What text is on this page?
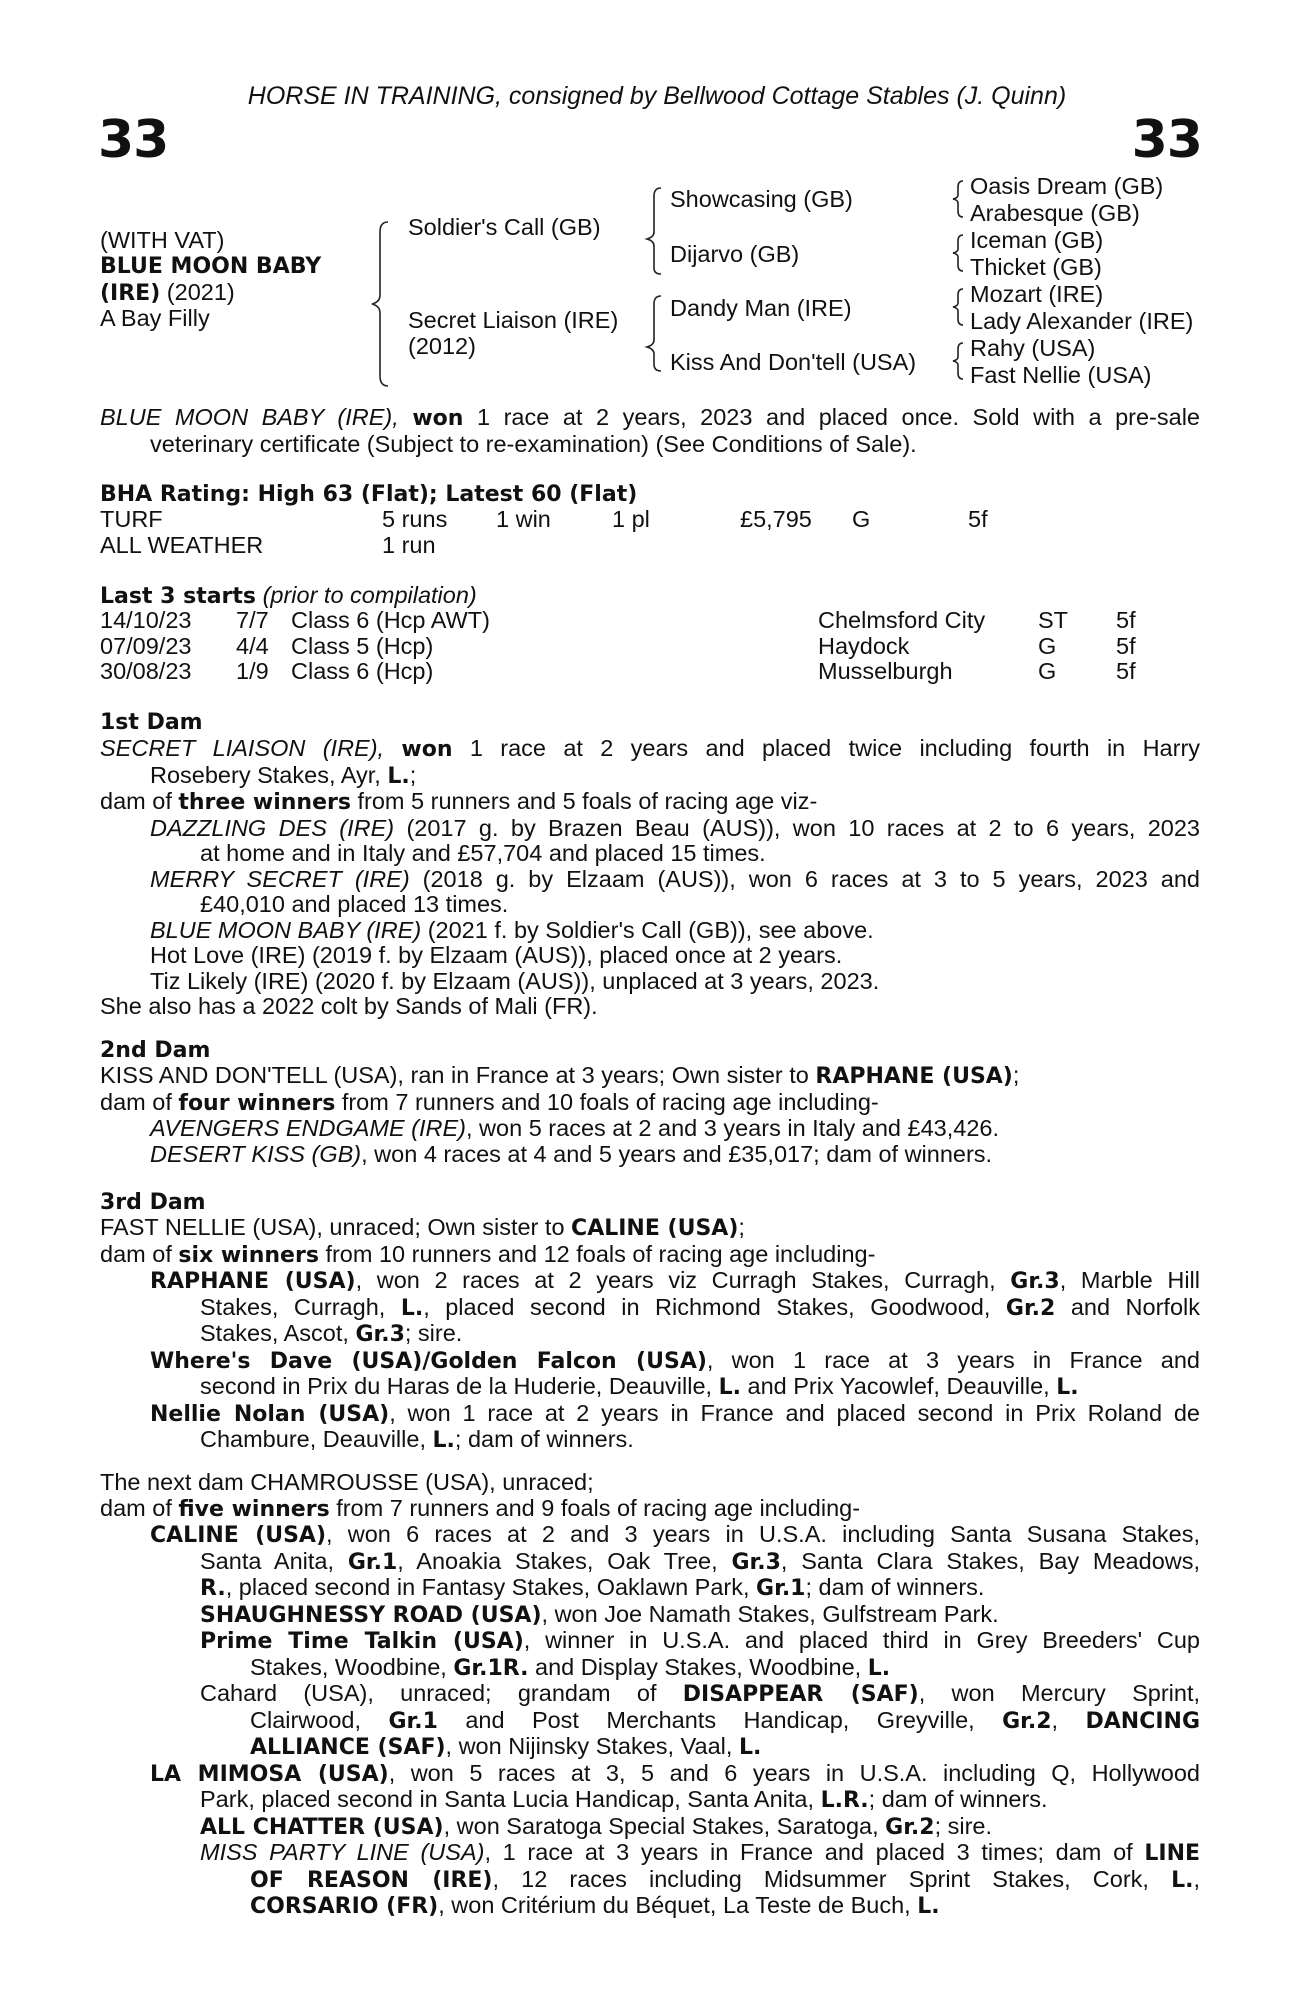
HORSE IN TRAINING, consigned by Bellwood Cottage Stables (J. Quinn)
33	33
(WITH VAT)
BLUE MOON BABY
(IRE) (2021)
A Bay Filly
Soldier's Call (GB)
Secret Liaison (IRE)
(2012)
Showcasing (GB)
Dijarvo (GB)
Dandy Man (IRE)
Kiss And Don'tell (USA)
Oasis Dream (GB)
Arabesque (GB)
Iceman (GB)
Thicket (GB)
Mozart (IRE)
Lady Alexander (IRE)
Rahy (USA)
Fast Nellie (USA)
BLUE MOON BABY (IRE), won 1 race at 2 years, 2023 and placed once. Sold with a pre-sale
veterinary certificate (Subject to re-examination) (See Conditions of Sale).
BHA Rating: High 63 (Flat); Latest 60 (Flat)
TURF	5 runs	1 win	1 pl	£5,795	G	5f
ALL WEATHER	1 run					
Last 3 starts (prior to compilation)
14/10/23	7/7	Class 6 (Hcp AWT)	Chelmsford City	ST	5f
07/09/23	4/4	Class 5 (Hcp)	Haydock	G	5f
30/08/23	1/9	Class 6 (Hcp)	Musselburgh	G	5f
1st Dam
SECRET LIAISON (IRE), won 1 race at 2 years and placed twice including fourth in Harry
Rosebery Stakes, Ayr, L.;
dam of three winners from 5 runners and 5 foals of racing age viz-
DAZZLING DES (IRE) (2017 g. by Brazen Beau (AUS)), won 10 races at 2 to 6 years, 2023
at home and in Italy and £57,704 and placed 15 times.
MERRY SECRET (IRE) (2018 g. by Elzaam (AUS)), won 6 races at 3 to 5 years, 2023 and
£40,010 and placed 13 times.
BLUE MOON BABY (IRE) (2021 f. by Soldier's Call (GB)), see above.
Hot Love (IRE) (2019 f. by Elzaam (AUS)), placed once at 2 years.
Tiz Likely (IRE) (2020 f. by Elzaam (AUS)), unplaced at 3 years, 2023.
She also has a 2022 colt by Sands of Mali (FR).
2nd Dam
KISS AND DON'TELL (USA), ran in France at 3 years; Own sister to RAPHANE (USA);
dam of four winners from 7 runners and 10 foals of racing age including-
AVENGERS ENDGAME (IRE), won 5 races at 2 and 3 years in Italy and £43,426.
DESERT KISS (GB), won 4 races at 4 and 5 years and £35,017; dam of winners.
3rd Dam
FAST NELLIE (USA), unraced; Own sister to CALINE (USA);
dam of six winners from 10 runners and 12 foals of racing age including-
RAPHANE (USA), won 2 races at 2 years viz Curragh Stakes, Curragh, Gr.3, Marble Hill
Stakes, Curragh, L., placed second in Richmond Stakes, Goodwood, Gr.2 and Norfolk
Stakes, Ascot, Gr.3; sire.
Where's Dave (USA)/Golden Falcon (USA), won 1 race at 3 years in France and
second in Prix du Haras de la Huderie, Deauville, L. and Prix Yacowlef, Deauville, L.
Nellie Nolan (USA), won 1 race at 2 years in France and placed second in Prix Roland de
Chambure, Deauville, L.; dam of winners.
The next dam CHAMROUSSE (USA), unraced;
dam of five winners from 7 runners and 9 foals of racing age including-
CALINE (USA), won 6 races at 2 and 3 years in U.S.A. including Santa Susana Stakes,
Santa Anita, Gr.1, Anoakia Stakes, Oak Tree, Gr.3, Santa Clara Stakes, Bay Meadows,
R., placed second in Fantasy Stakes, Oaklawn Park, Gr.1; dam of winners.
SHAUGHNESSY ROAD (USA), won Joe Namath Stakes, Gulfstream Park.
Prime Time Talkin (USA), winner in U.S.A. and placed third in Grey Breeders' Cup
Stakes, Woodbine, Gr.1R. and Display Stakes, Woodbine, L.
Cahard (USA), unraced; grandam of DISAPPEAR (SAF), won Mercury Sprint,
Clairwood, Gr.1 and Post Merchants Handicap, Greyville, Gr.2, DANCING
ALLIANCE (SAF), won Nijinsky Stakes, Vaal, L.
LA MIMOSA (USA), won 5 races at 3, 5 and 6 years in U.S.A. including Q, Hollywood
Park, placed second in Santa Lucia Handicap, Santa Anita, L.R.; dam of winners.
ALL CHATTER (USA), won Saratoga Special Stakes, Saratoga, Gr.2; sire.
MISS PARTY LINE (USA), 1 race at 3 years in France and placed 3 times; dam of LINE
OF REASON (IRE), 12 races including Midsummer Sprint Stakes, Cork, L.,
CORSARIO (FR), won Critérium du Béquet, La Teste de Buch, L.
